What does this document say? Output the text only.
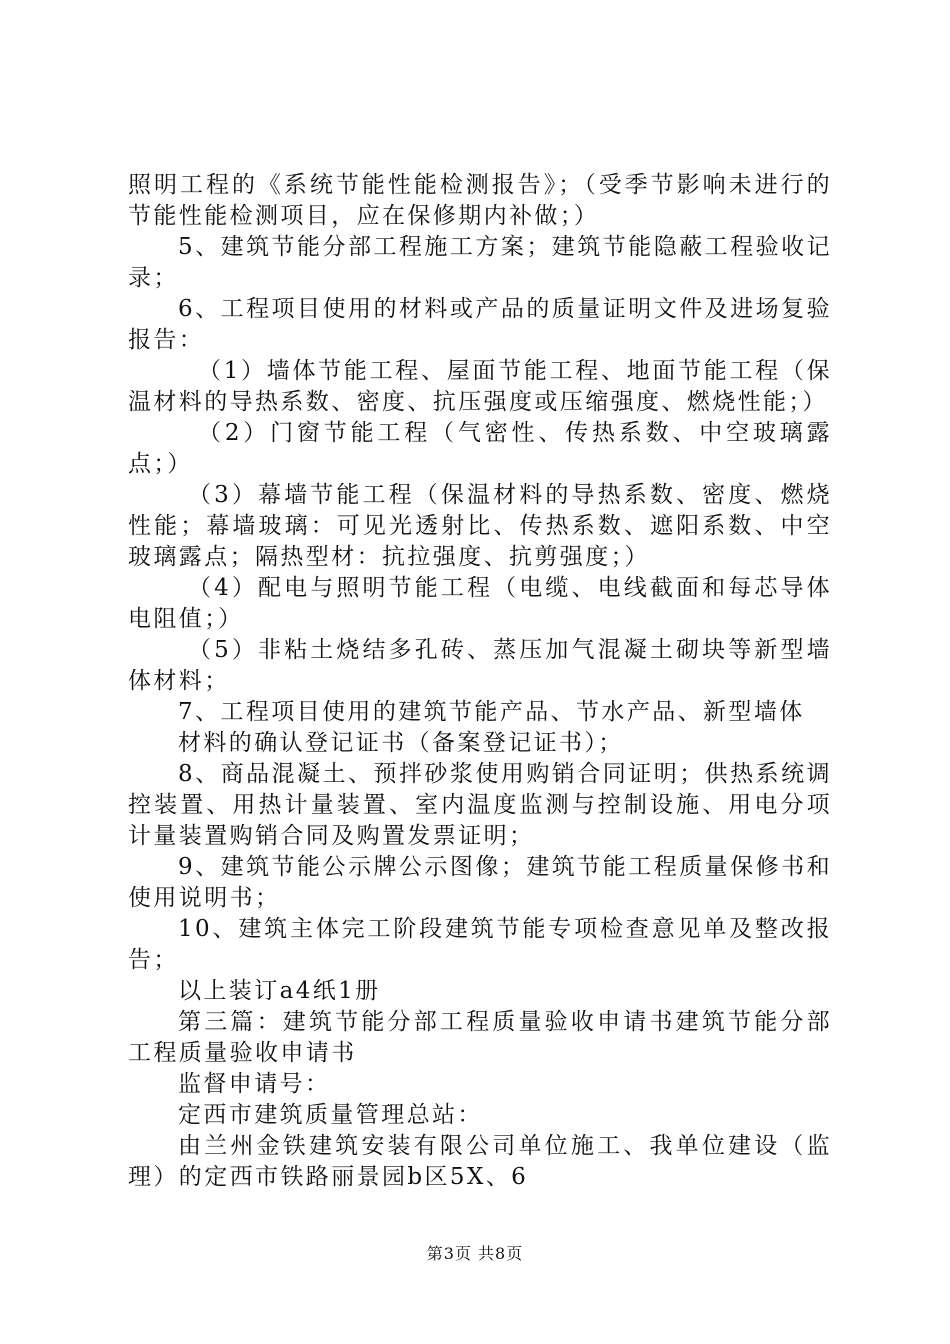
照明工程的《系统节能性能检测报告》；（受季节影响未进行的节能性能检测项目，应在保修期内补做；）

5、建筑节能分部工程施工方案；建筑节能隐蔽工程验收记录；

6、工程项目使用的材料或产品的质量证明文件及进场复验报告：

（1）墙体节能工程、屋面节能工程、地面节能工程（保温材料的导热系数、密度、抗压强度或压缩强度、燃烧性能；）

（2）门窗节能工程（气密性、传热系数、中空玻璃露点；）

（3）幕墙节能工程（保温材料的导热系数、密度、燃烧性能；幕墙玻璃：可见光透射比、传热系数、遮阳系数、中空玻璃露点；隔热型材：抗拉强度、抗剪强度；）

（4）配电与照明节能工程（电缆、电线截面和每芯导体电阻值；）

（5）非粘土烧结多孔砖、蒸压加气混凝土砌块等新型墙体材料；

7、工程项目使用的建筑节能产品、节水产品、新型墙体

材料的确认登记证书（备案登记证书）；

8、商品混凝土、预拌砂浆使用购销合同证明；供热系统调控装置、用热计量装置、室内温度监测与控制设施、用电分项计量装置购销合同及购置发票证明；

9、建筑节能公示牌公示图像；建筑节能工程质量保修书和使用说明书；

10、建筑主体完工阶段建筑节能专项检查意见单及整改报告；

以上装订a4纸1册

第三篇：建筑节能分部工程质量验收申请书建筑节能分部工程质量验收申请书

监督申请号：

定西市建筑质量管理总站：

由兰州金铁建筑安装有限公司单位施工、我单位建设（监理）的定西市铁路丽景园b区5X、6

第3页 共8页
